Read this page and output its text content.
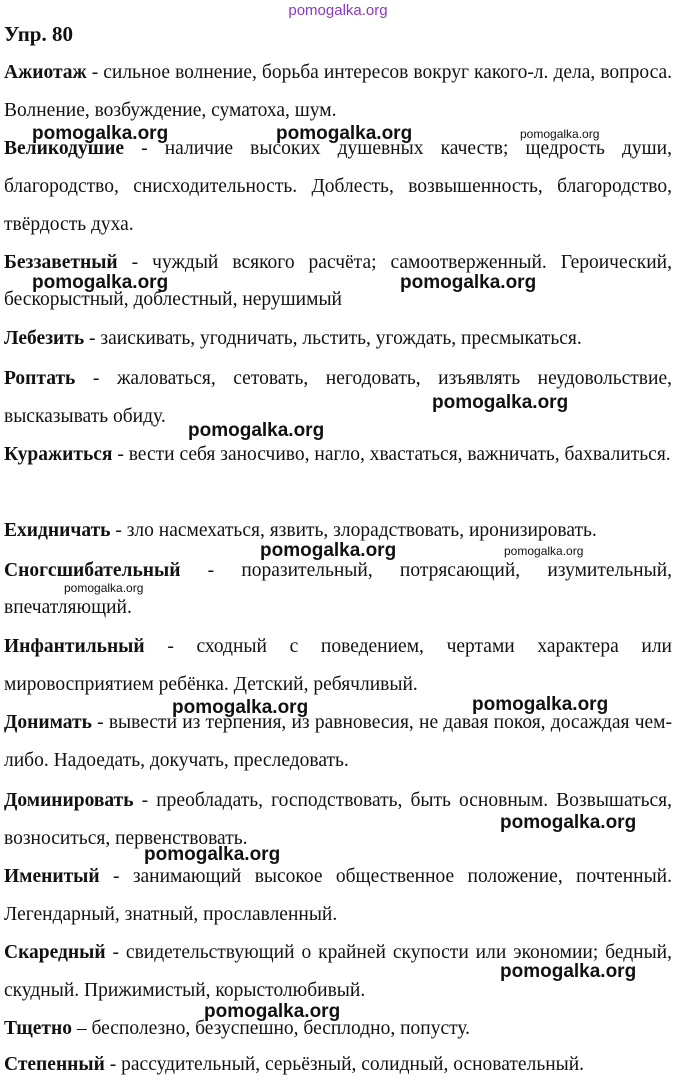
pomogalka.org
Упр. 80
Ажиотаж - сильное волнение, борьба интересов вокруг какого-л. дела, вопроса. Волнение, возбуждение, суматоха, шум.
Великодушие - наличие высоких душевных качеств; щедрость души, благородство, снисходительность. Доблесть, возвышенность, благородство, твёрдость духа.
Беззаветный - чуждый всякого расчёта; самоотверженный. Героический, бескорыстный, доблестный, нерушимый
Лебезить - заискивать, угодничать, льстить, угождать, пресмыкаться.
Роптать - жаловаться, сетовать, негодовать, изъявлять неудовольствие, высказывать обиду.
Куражиться - вести себя заносчиво, нагло, хвастаться, важничать, бахвалиться.
Ехидничать - зло насмехаться, язвить, злорадствовать, иронизировать.
Сногсшибательный - поразительный, потрясающий, изумительный, впечатляющий.
Инфантильный - сходный с поведением, чертами характера или мировосприятием ребёнка. Детский, ребячливый.
Донимать - вывести из терпения, из равновесия, не давая покоя, досаждая чем-либо. Надоедать, докучать, преследовать.
Доминировать - преобладать, господствовать, быть основным. Возвышаться, возноситься, первенствовать.
Именитый - занимающий высокое общественное положение, почтенный. Легендарный, знатный, прославленный.
Скаредный - свидетельствующий о крайней скупости или экономии; бедный, скудный. Прижимистый, корыстолюбивый.
Тщетно – бесполезно, безуспешно, бесплодно, попусту.
Степенный - рассудительный, серьёзный, солидный, основательный.
pomogalka.org	pomogalka.org	pomogalka.org
pomogalka.org	pomogalka.org
pomogalka.org
pomogalka.org
pomogalka.org	pomogalka.org
pomogalka.org
pomogalka.org
pomogalka.org
pomogalka.org
pomogalka.org
pomogalka.org
pomogalka.org
